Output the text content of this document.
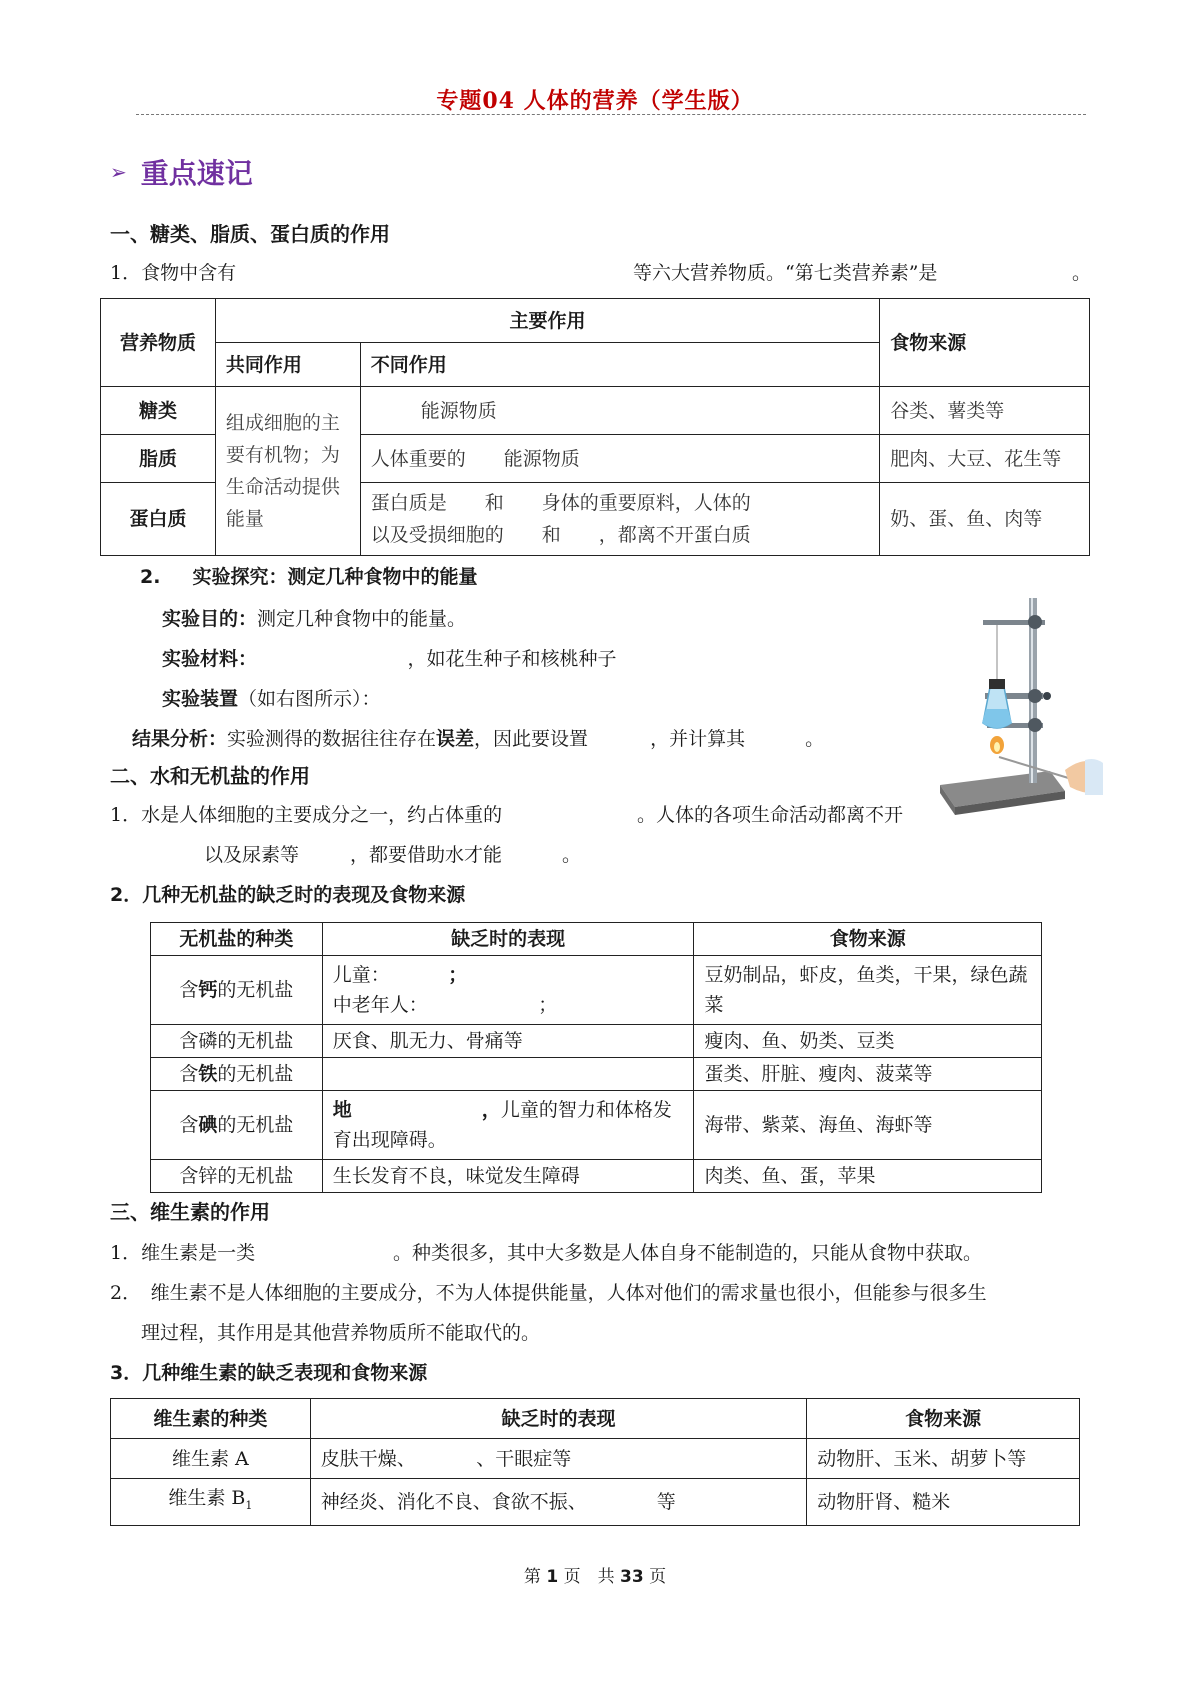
专题04 人体的营养（学生版）
➢ 重点速记
一、糖类、脂质、蛋白质的作用
1．食物中含有	等六大营养物质。“第七类营养素”是	。
营养物质	主要作用		食物来源
	共同作用	不同作用	
糖类	组成细胞的主要有机物；为生命活动提供能量	能源物质	谷类、薯类等
脂质		人体重要的　　能源物质	肥肉、大豆、花生等
蛋白质		蛋白质是　　和　　身体的重要原料，人体的
以及受损细胞的　　和　　，都离不开蛋白质	奶、蛋、鱼、肉等
2. 实验探究：测定几种食物中的能量
实验目的：测定几种食物中的能量。
实验材料：	，如花生种子和核桃种子
实验装置（如右图所示）：
结果分析：实验测得的数据往往存在误差，因此要设置	，并计算其	。
二、水和无机盐的作用
1．水是人体细胞的主要成分之一，约占体重的	。人体的各项生命活动都离不开
以及尿素等	，都要借助水才能	。
2．几种无机盐的缺乏时的表现及食物来源
无机盐的种类	缺乏时的表现	食物来源
含钙的无机盐	儿童： ；
中老年人： ；	豆奶制品，虾皮，鱼类，干果，绿色蔬菜
含磷的无机盐	厌食、肌无力、骨痛等	瘦肉、鱼、奶类、豆类
含铁的无机盐		蛋类、肝脏、瘦肉、菠菜等
含碘的无机盐	地 ，儿童的智力和体格发
育出现障碍。	海带、紫菜、海鱼、海虾等
含锌的无机盐	生长发育不良，味觉发生障碍	肉类、鱼、蛋，苹果
三、维生素的作用
1．维生素是一类	。种类很多，其中大多数是人体自身不能制造的，只能从食物中获取。
2．　维生素不是人体细胞的主要成分，不为人体提供能量，人体对他们的需求量也很小，但能参与很多生
理过程，其作用是其他营养物质所不能取代的。
3．几种维生素的缺乏表现和食物来源
维生素的种类	缺乏时的表现	食物来源
维生素 A	皮肤干燥、 、干眼症等	动物肝、玉米、胡萝卜等
维生素 $B_1$	神经炎、消化不良、食欲不振、 等	动物肝肾、糙米
第 1 页　共 33 页
